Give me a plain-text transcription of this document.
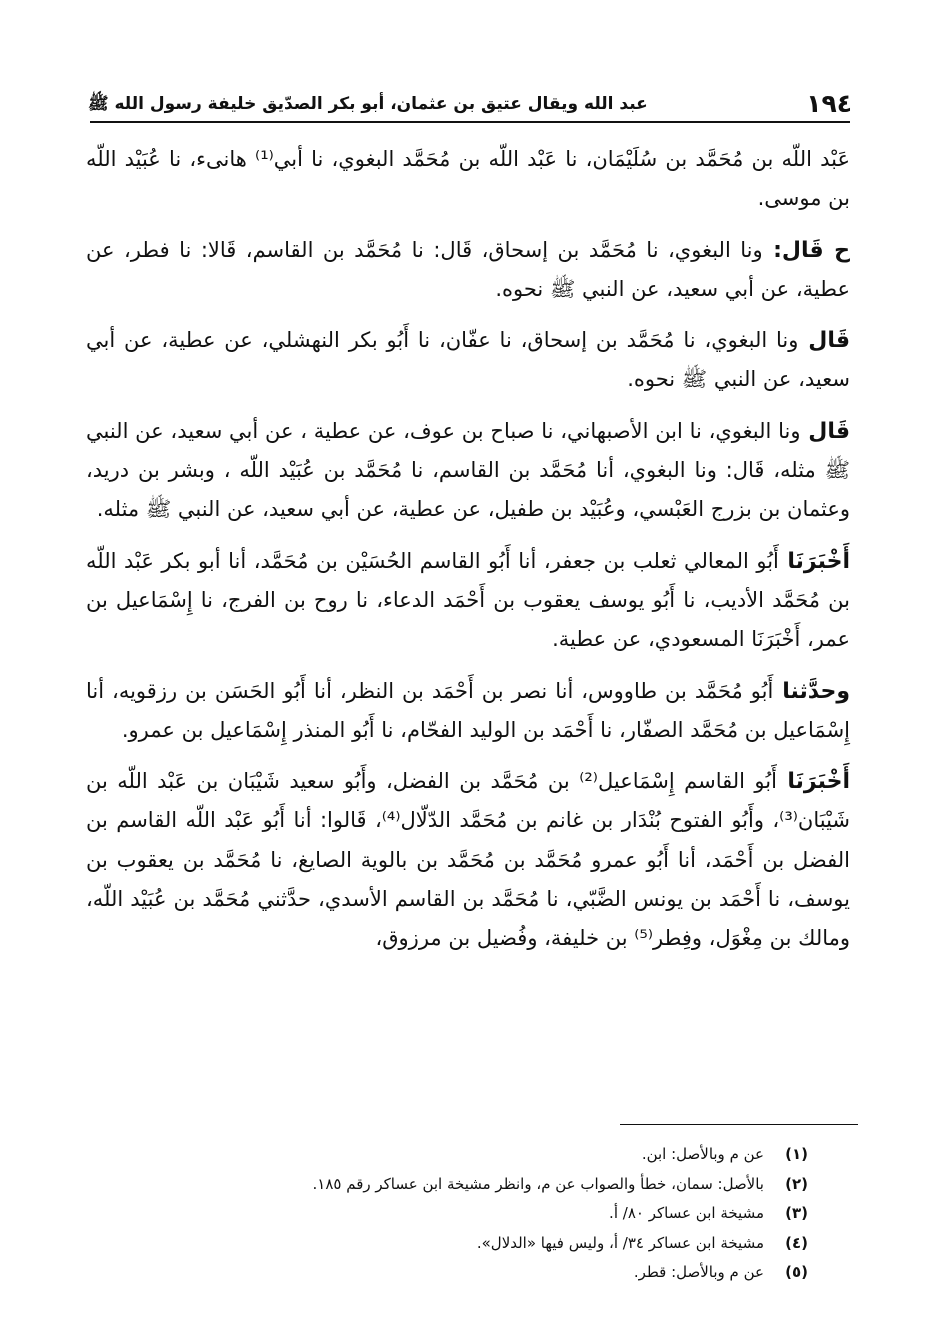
١٩٤
عبد الله ويقال عتيق بن عثمان، أبو بكر الصدّيق خليفة رسول الله ﷺ

عَبْد اللّه بن مُحَمَّد بن سُلَيْمَان، نا عَبْد اللّه بن مُحَمَّد البغوي، نا أبي⁽¹⁾ هانىء، نا عُبَيْد اللّه بن موسى.

ح قَال: ونا البغوي، نا مُحَمَّد بن إسحاق، قَال: نا مُحَمَّد بن القاسم، قَالا: نا فطر، عن عطية، عن أبي سعيد، عن النبي ﷺ نحوه.

قَال ونا البغوي، نا مُحَمَّد بن إسحاق، نا عفّان، نا أَبُو بكر النهشلي، عن عطية، عن أبي سعيد، عن النبي ﷺ نحوه.

قَال ونا البغوي، نا ابن الأصبهاني، نا صباح بن عوف، عن عطية ، عن أبي سعيد، عن النبي ﷺ مثله، قَال: ونا البغوي، أنا مُحَمَّد بن القاسم، نا مُحَمَّد بن عُبَيْد اللّه ، وبشر بن دريد، وعثمان بن بزرج العَبْسي، وعُبَيْد بن طفيل، عن عطية، عن أبي سعيد، عن النبي ﷺ مثله.

أَخْبَرَنَا أَبُو المعالي ثعلب بن جعفر، أنا أَبُو القاسم الحُسَيْن بن مُحَمَّد، أنا أبو بكر عَبْد اللّه بن مُحَمَّد الأديب، نا أَبُو يوسف يعقوب بن أَحْمَد الدعاء، نا روح بن الفرج، نا إِسْمَاعيل بن عمر، أَخْبَرَنَا المسعودي، عن عطية.

وحدَّثنا أَبُو مُحَمَّد بن طاووس، أنا نصر بن أَحْمَد بن النظر، أنا أَبُو الحَسَن بن رزقويه، أنا إِسْمَاعيل بن مُحَمَّد الصفّار، نا أَحْمَد بن الوليد الفحّام، نا أَبُو المنذر إِسْمَاعيل بن عمرو.

أَخْبَرَنَا أَبُو القاسم إِسْمَاعيل⁽²⁾ بن مُحَمَّد بن الفضل، وأَبُو سعيد شَيْبَان بن عَبْد اللّه بن شَيْبَان⁽³⁾، وأَبُو الفتوح بُنْدَار بن غانم بن مُحَمَّد الدّلّال⁽⁴⁾، قَالوا: أنا أَبُو عَبْد اللّه القاسم بن الفضل بن أَحْمَد، أنا أَبُو عمرو مُحَمَّد بن مُحَمَّد بن بالوية الصايغ، نا مُحَمَّد بن يعقوب بن يوسف، نا أَحْمَد بن يونس الضَّبّي، نا مُحَمَّد بن القاسم الأسدي، حدَّثني مُحَمَّد بن عُبَيْد اللّه، ومالك بن مِغْوَل، وفِطر⁽⁵⁾ بن خليفة، وفُضيل بن مرزوق،

(١)
عن م وبالأصل: ابن.
(٢)
بالأصل: سمان، خطأ والصواب عن م، وانظر مشيخة ابن عساكر رقم ١٨٥.
(٣)
مشيخة ابن عساكر ٨٠/ أ.
(٤)
مشيخة ابن عساكر ٣٤/ أ، وليس فيها «الدلال».
(٥)
عن م وبالأصل: قطر.
